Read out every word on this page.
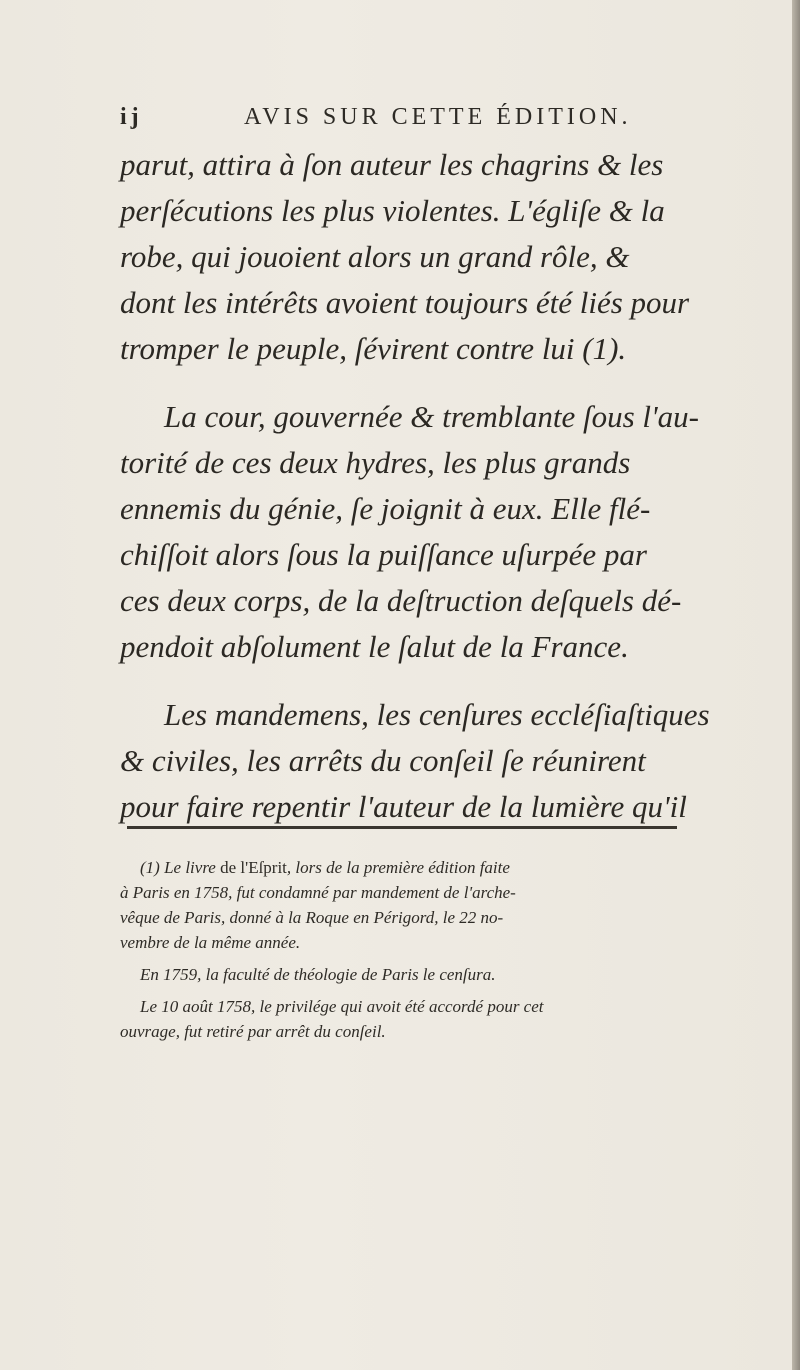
ij	AVIS SUR CETTE ÉDITION.
parut, attira à ſon auteur les chagrins & les
perſécutions les plus violentes. L'égliſe & la
robe, qui jouoient alors un grand rôle, &
dont les intérêts avoient toujours été liés pour
tromper le peuple, ſévirent contre lui (1).
La cour, gouvernée & tremblante ſous l'au-
torité de ces deux hydres, les plus grands
ennemis du génie, ſe joignit à eux. Elle flé-
chiſſoit alors ſous la puiſſance uſurpée par
ces deux corps, de la deſtruction deſquels dé-
pendoit abſolument le ſalut de la France.
Les mandemens, les cenſures eccléſiaſtiques
& civiles, les arrêts du conſeil ſe réunirent
pour faire repentir l'auteur de la lumière qu'il
(1) Le livre de l'Eſprit, lors de la première édition faite
à Paris en 1758, fut condamné par mandement de l'arche-
vêque de Paris, donné à la Roque en Périgord, le 22 no-
vembre de la même année.
En 1759, la faculté de théologie de Paris le cenſura.
Le 10 août 1758, le privilége qui avoit été accordé pour cet
ouvrage, fut retiré par arrêt du conſeil.
